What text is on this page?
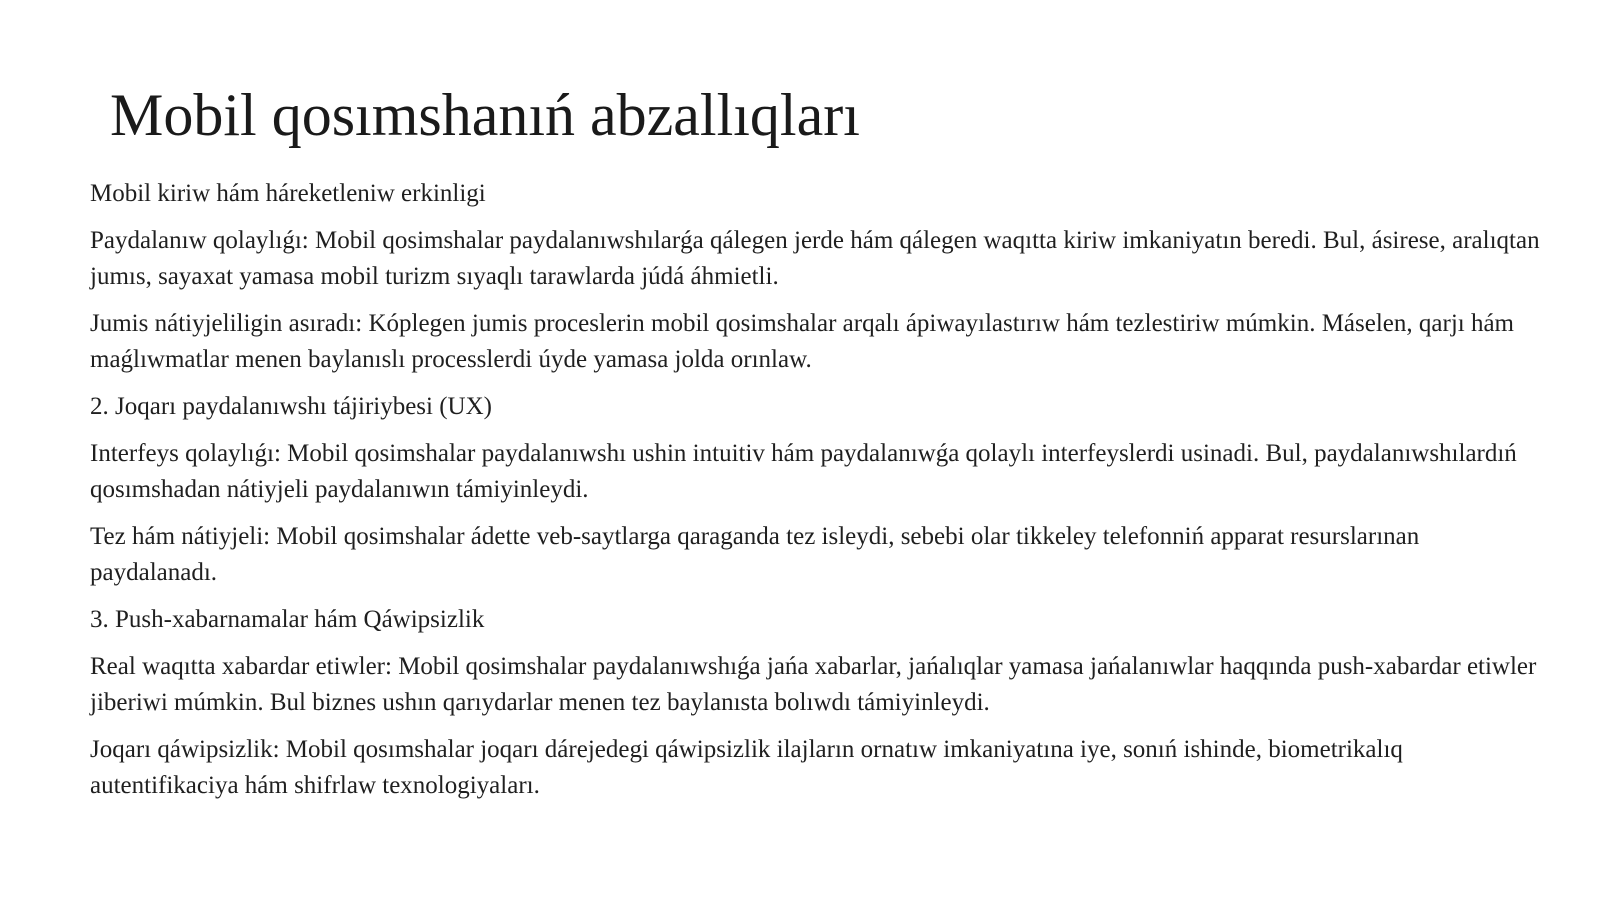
Mobil qosımshanıń abzallıqları

Mobil kiriw hám háreketleniw erkinligi

Paydalanıw qolaylıǵı: Mobil qosimshalar paydalanıwshılarǵa qálegen jerde hám qálegen waqıtta kiriw imkaniyatın beredi. Bul, ásirese, aralıqtan jumıs, sayaxat yamasa mobil turizm sıyaqlı tarawlarda júdá áhmietli.

Jumis nátiyjeliligin asıradı: Kóplegen jumis proceslerin mobil qosimshalar arqalı ápiwayılastırıw hám tezlestiriw múmkin. Máselen, qarjı hám maǵlıwmatlar menen baylanıslı processlerdi úyde yamasa jolda orınlaw.

2. Joqarı paydalanıwshı tájiriybesi (UX)

Interfeys qolaylıǵı: Mobil qosimshalar paydalanıwshı ushin intuitiv hám paydalanıwǵa qolaylı interfeyslerdi usinadi. Bul, paydalanıwshılardıń qosımshadan nátiyjeli paydalanıwın támiyinleydi.

Tez hám nátiyjeli: Mobil qosimshalar ádette veb-saytlarga qaraganda tez isleydi, sebebi olar tikkeley telefonniń apparat resurslarınan paydalanadı.

3. Push-xabarnamalar hám Qáwipsizlik

Real waqıtta xabardar etiwler: Mobil qosimshalar paydalanıwshıǵa jańa xabarlar, jańalıqlar yamasa jańalanıwlar haqqında push-xabardar etiwler jiberiwi múmkin. Bul biznes ushın qarıydarlar menen tez baylanısta bolıwdı támiyinleydi.

Joqarı qáwipsizlik: Mobil qosımshalar joqarı dárejedegi qáwipsizlik ilajların ornatıw imkaniyatına iye, sonıń ishinde, biometrikalıq autentifikaciya hám shifrlaw texnologiyaları.
